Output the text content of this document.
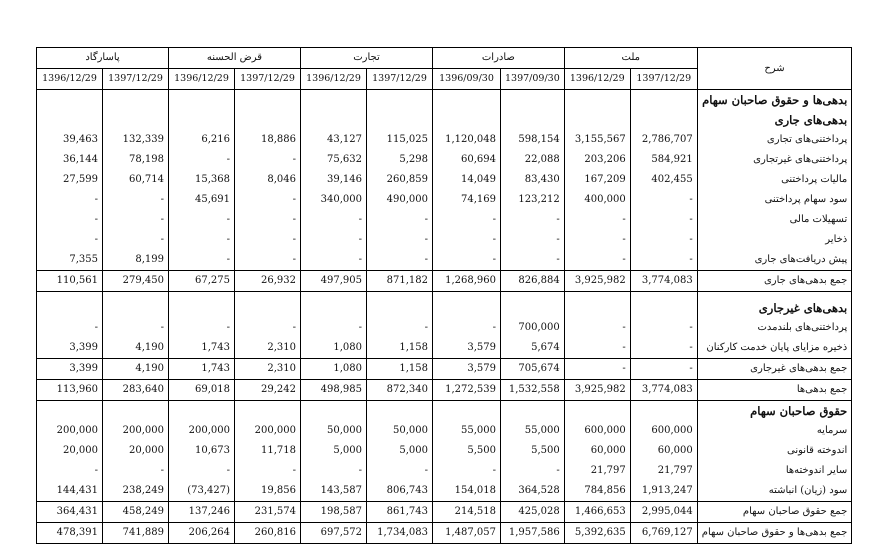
پاسارگاد		قرض الحسنه		تجارت		صادرات		ملت		شرح
1396/12/29	1397/12/29	1396/12/29	1397/12/29	1396/12/29	1397/12/29	1396/09/30	1397/09/30	1396/12/29	1397/12/29	
										بدهی‌ها و حقوق صاحبان سهام
										بدهی‌های جاری
39,463	132,339	6,216	18,886	43,127	115,025	1,120,048	598,154	3,155,567	2,786,707	پرداختنی‌های تجاری
36,144	78,198	-	-	75,632	5,298	60,694	22,088	203,206	584,921	پرداختنی‌های غیرتجاری
27,599	60,714	15,368	8,046	39,146	260,859	14,049	83,430	167,209	402,455	مالیات پرداختنی
-	-	45,691	-	340,000	490,000	74,169	123,212	400,000	-	سود سهام پرداختنی
-	-	-	-	-	-	-	-	-	-	تسهیلات مالی
-	-	-	-	-	-	-	-	-	-	ذخایر
7,355	8,199	-	-	-	-	-	-	-	-	پیش دریافت‌های جاری
110,561	279,450	67,275	26,932	497,905	871,182	1,268,960	826,884	3,925,982	3,774,083	جمع بدهی‌های جاری

										بدهی‌های غیرجاری
-	-	-	-	-	-	-	700,000	-	-	پرداختنی‌های بلندمدت
3,399	4,190	1,743	2,310	1,080	1,158	3,579	5,674	-	-	ذخیره مزایای پایان خدمت کارکنان
3,399	4,190	1,743	2,310	1,080	1,158	3,579	705,674	-	-	جمع بدهی‌های غیرجاری
113,960	283,640	69,018	29,242	498,985	872,340	1,272,539	1,532,558	3,925,982	3,774,083	جمع بدهی‌ها
										حقوق صاحبان سهام
200,000	200,000	200,000	200,000	50,000	50,000	55,000	55,000	600,000	600,000	سرمایه
20,000	20,000	10,673	11,718	5,000	5,000	5,500	5,500	60,000	60,000	اندوخته قانونی
-	-	-	-	-	-	-	-	21,797	21,797	سایر اندوخته‌ها
144,431	238,249	(73,427)	19,856	143,587	806,743	154,018	364,528	784,856	1,913,247	سود (زیان) انباشته
364,431	458,249	137,246	231,574	198,587	861,743	214,518	425,028	1,466,653	2,995,044	جمع حقوق صاحبان سهام
478,391	741,889	206,264	260,816	697,572	1,734,083	1,487,057	1,957,586	5,392,635	6,769,127	جمع بدهی‌ها و حقوق صاحبان سهام
